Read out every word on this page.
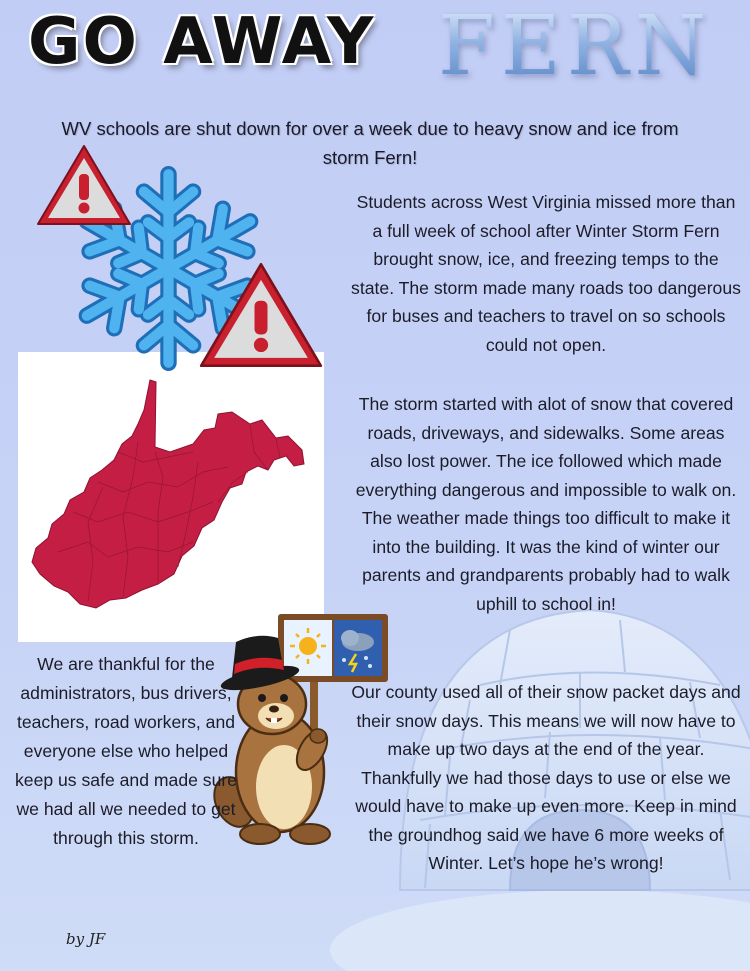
GO AWAY FERN
WV schools are shut down for over a week due to heavy snow and ice from storm Fern!
Students across West Virginia missed more than a full week of school after Winter Storm Fern brought snow, ice, and freezing temps to the state. The storm made many roads too dangerous for buses and teachers to travel on so schools could not open.
The storm started with alot of snow that covered roads, driveways, and sidewalks. Some areas also lost power. The ice followed which made everything dangerous and impossible to walk on. The weather made things too difficult to make it into the building. It was the kind of winter our parents and grandparents probably had to walk uphill to school in!
Our county used all of their snow packet days and their snow days. This means we will now have to make up two days at the end of the year. Thankfully we had those days to use or else we would have to make up even more. Keep in mind the groundhog said we have 6 more weeks of Winter. Let’s hope he’s wrong!
We are thankful for the administrators, bus drivers, teachers, road workers, and everyone else who helped keep us safe and made sure we had all we needed to get through this storm.
by JF
